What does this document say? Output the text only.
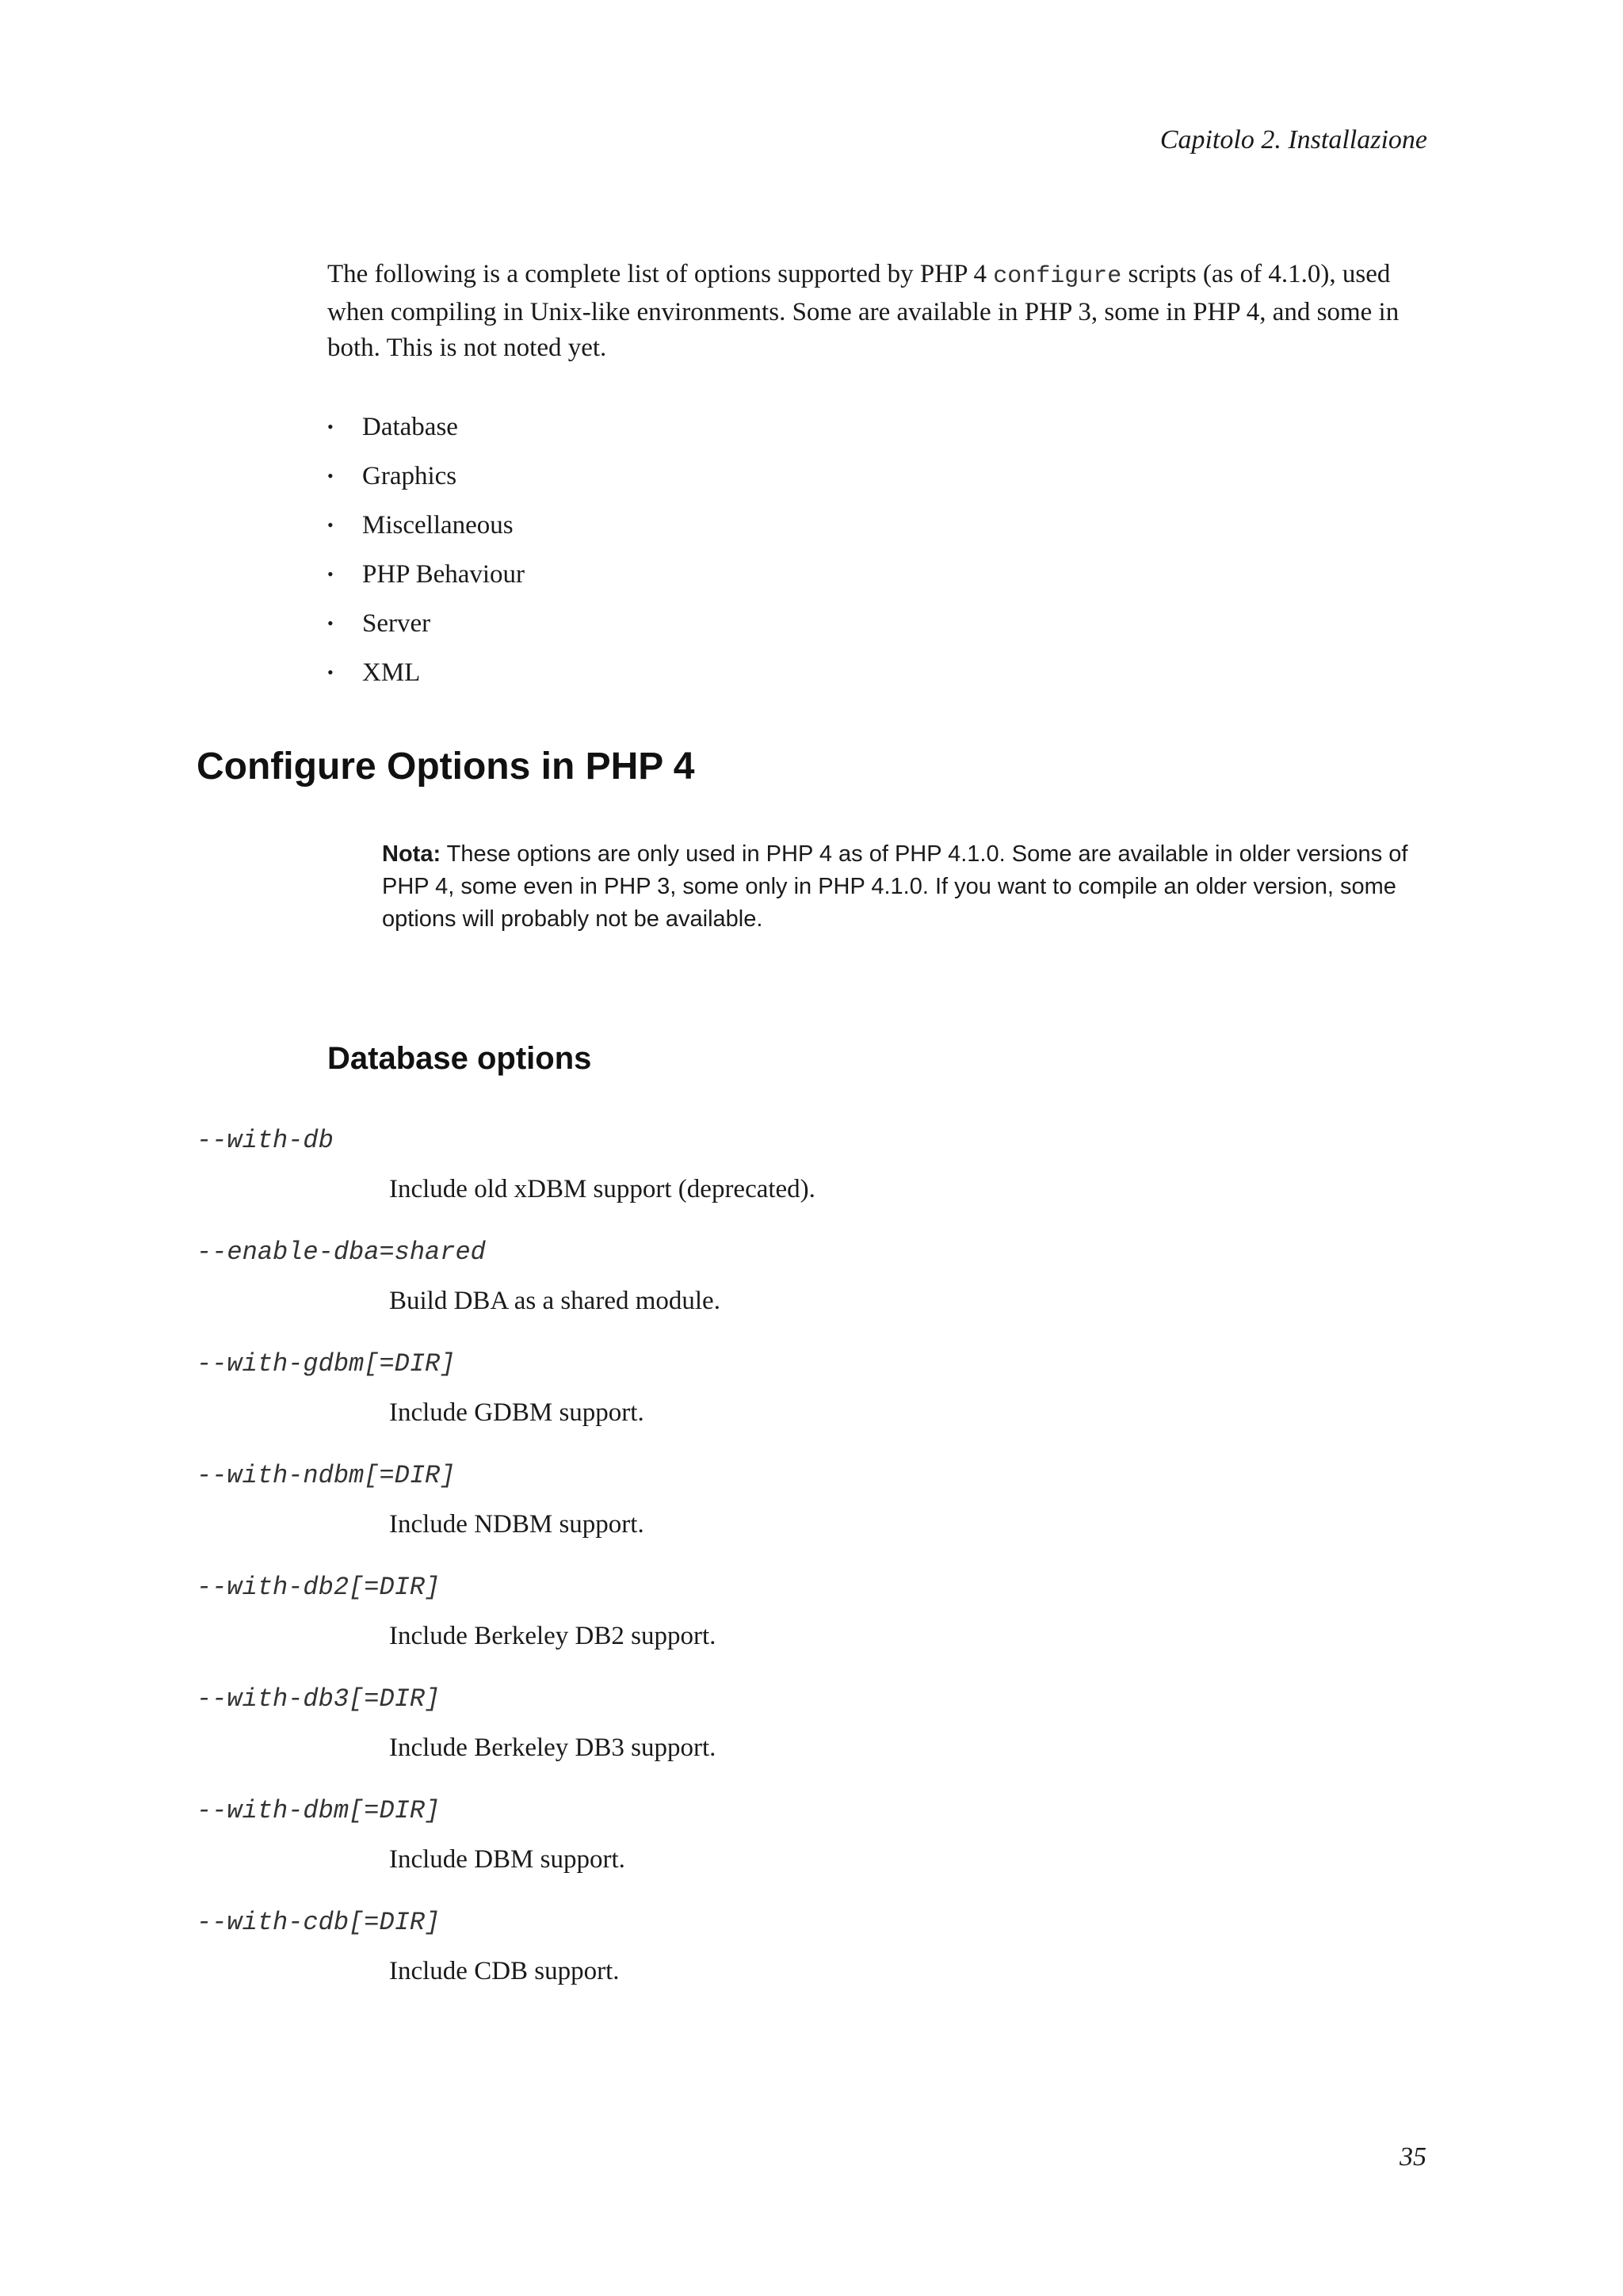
Capitolo 2. Installazione

The following is a complete list of options supported by PHP 4 configure scripts (as of 4.1.0), used when compiling in Unix-like environments. Some are available in PHP 3, some in PHP 4, and some in both. This is not noted yet.

•	Database
•	Graphics
•	Miscellaneous
•	PHP Behaviour
•	Server
•	XML
Configure Options in PHP 4

Nota: These options are only used in PHP 4 as of PHP 4.1.0. Some are available in older versions of PHP 4, some even in PHP 3, some only in PHP 4.1.0. If you want to compile an older version, some options will probably not be available.

Database options
--with-db
Include old xDBM support (deprecated).
--enable-dba=shared
Build DBA as a shared module.
--with-gdbm[=DIR]
Include GDBM support.
--with-ndbm[=DIR]
Include NDBM support.
--with-db2[=DIR]
Include Berkeley DB2 support.
--with-db3[=DIR]
Include Berkeley DB3 support.
--with-dbm[=DIR]
Include DBM support.
--with-cdb[=DIR]
Include CDB support.
35
